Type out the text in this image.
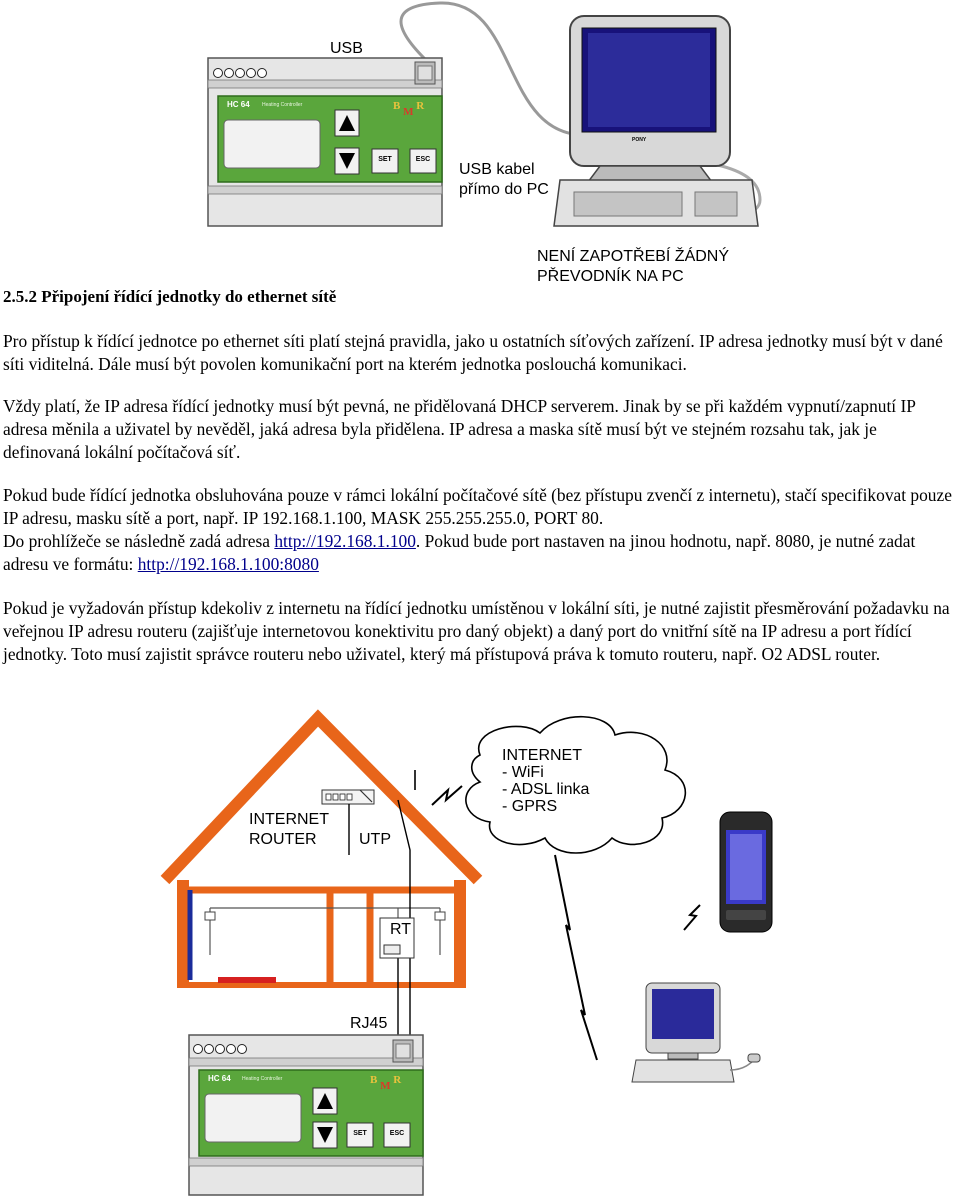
USB
HC 64 Heating Controller	B M R
SET	ESC
PONY
USB kabel
přímo do PC
NENÍ ZAPOTŘEBÍ ŽÁDNÝ
PŘEVODNÍK NA PC
2.5.2 Připojení řídící jednotky do ethernet sítě

Pro přístup k řídící jednotce po ethernet síti platí stejná pravidla, jako u ostatních síťových zařízení. IP adresa jednotky musí být v dané síti viditelná. Dále musí být povolen komunikační port na kterém jednotka poslouchá komunikaci.

Vždy platí, že IP adresa řídící jednotky musí být pevná, ne přidělovaná DHCP serverem. Jinak by se při každém vypnutí/zapnutí IP adresa měnila a uživatel by nevěděl, jaká adresa byla přidělena. IP adresa a maska sítě musí být ve stejném rozsahu tak, jak je definovaná lokální počítačová síť.

Pokud bude řídící jednotka obsluhována pouze v rámci lokální počítačové sítě (bez přístupu zvenčí z internetu), stačí specifikovat pouze IP adresu, masku sítě a port, např. IP 192.168.1.100, MASK 255.255.255.0, PORT 80.
Do prohlížeče se následně zadá adresa http://192.168.1.100. Pokud bude port nastaven na jinou hodnotu, např. 8080, je nutné zadat adresu ve formátu: http://192.168.1.100:8080

Pokud je vyžadován přístup kdekoliv z internetu na řídící jednotku umístěnou v lokální síti, je nutné zajistit přesměrování požadavku na veřejnou IP adresu routeru (zajišťuje internetovou konektivitu pro daný objekt) a daný port do vnitřní sítě na IP adresu a port řídící jednotky. Toto musí zajistit správce routeru nebo uživatel, který má přístupová práva k tomuto routeru, např. O2 ADSL router.

INTERNET
ROUTER	UTP
RT
RJ45
INTERNET
- WiFi
- ADSL linka
- GPRS
HC 64 Heating Controller	B M R
SET	ESC
